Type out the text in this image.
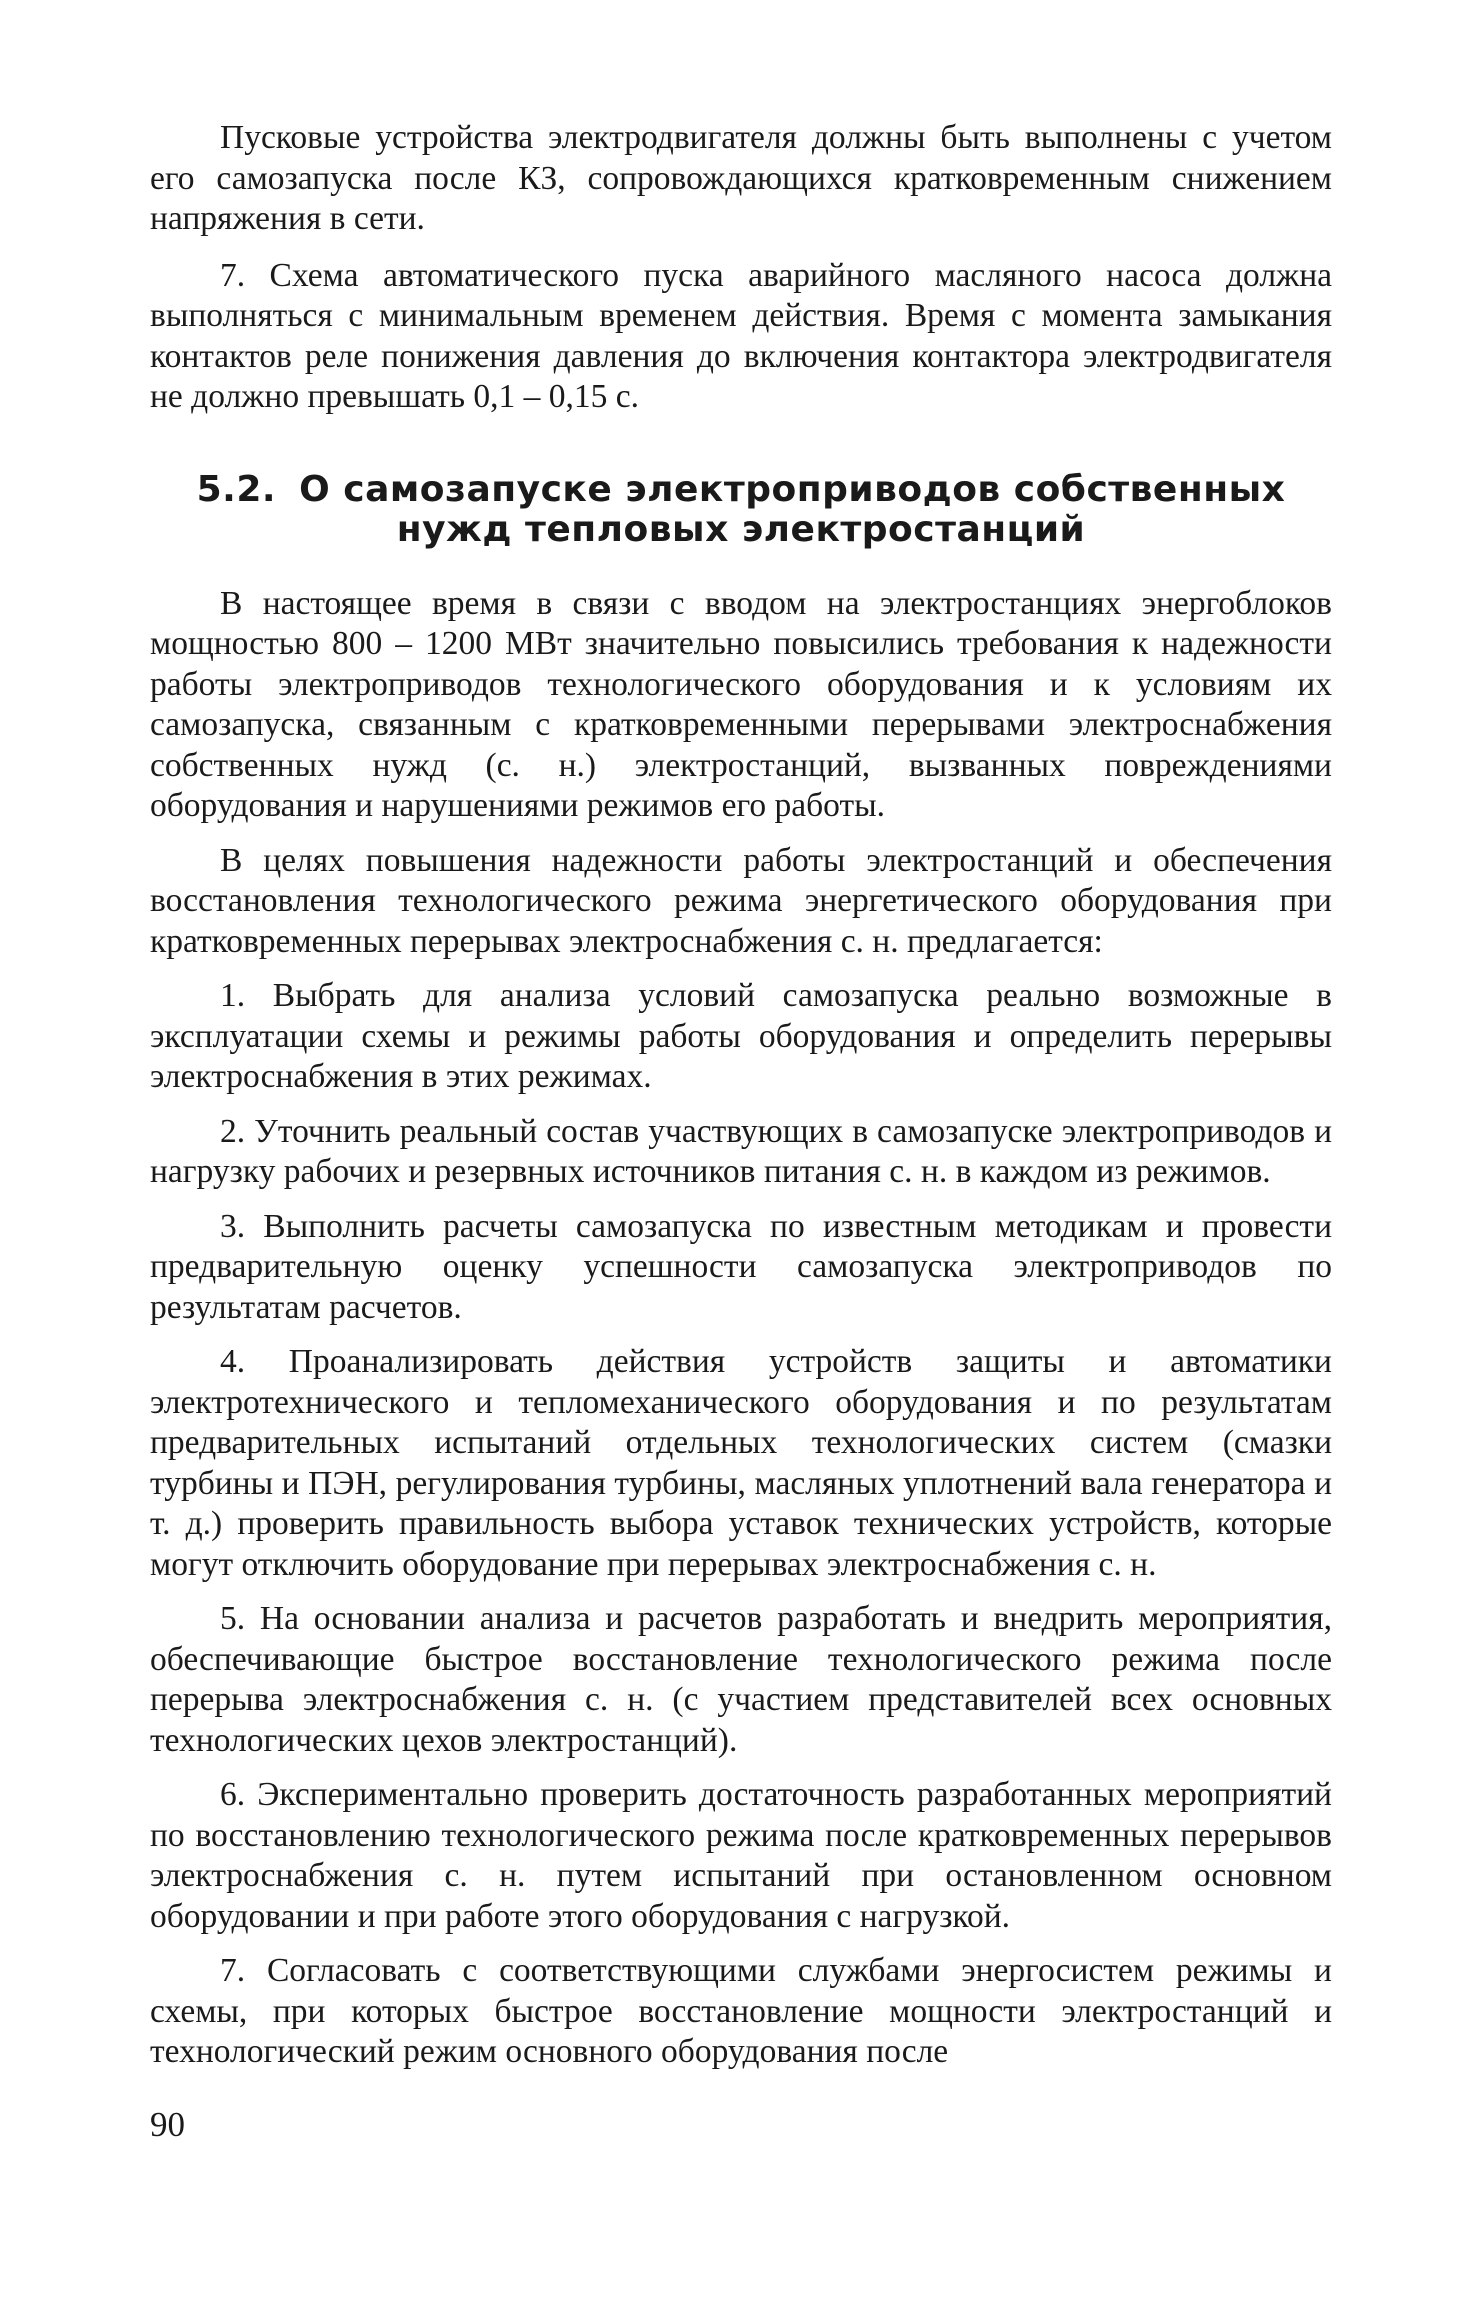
Пусковые устройства электродвигателя должны быть выполнены с учетом его самозапуска после КЗ, сопровождающихся кратковременным снижением напряжения в сети.

7. Схема автоматического пуска аварийного масляного насоса должна выполняться с минимальным временем действия. Время с момента замыкания контактов реле понижения давления до включения контактора электродвигателя не должно превышать 0,1 – 0,15 с.

5.2. О самозапуске электроприводов собственных нужд тепловых электростанций

В настоящее время в связи с вводом на электростанциях энергоблоков мощностью 800 – 1200 МВт значительно повысились требования к надежности работы электроприводов технологического оборудования и к условиям их самозапуска, связанным с кратковременными перерывами электроснабжения собственных нужд (с. н.) электростанций, вызванных повреждениями оборудования и нарушениями режимов его работы.

В целях повышения надежности работы электростанций и обеспечения восстановления технологического режима энергетического оборудования при кратковременных перерывах электроснабжения с. н. предлагается:

1. Выбрать для анализа условий самозапуска реально возможные в эксплуатации схемы и режимы работы оборудования и определить перерывы электроснабжения в этих режимах.

2. Уточнить реальный состав участвующих в самозапуске электроприводов и нагрузку рабочих и резервных источников питания с. н. в каждом из режимов.

3. Выполнить расчеты самозапуска по известным методикам и провести предварительную оценку успешности самозапуска электроприводов по результатам расчетов.

4. Проанализировать действия устройств защиты и автоматики электротехнического и тепломеханического оборудования и по результатам предварительных испытаний отдельных технологических систем (смазки турбины и ПЭН, регулирования турбины, масляных уплотнений вала генератора и т. д.) проверить правильность выбора уставок технических устройств, которые могут отключить оборудование при перерывах электроснабжения с. н.

5. На основании анализа и расчетов разработать и внедрить мероприятия, обеспечивающие быстрое восстановление технологического режима после перерыва электроснабжения с. н. (с участием представителей всех основных технологических цехов электростанций).

6. Экспериментально проверить достаточность разработанных мероприятий по восстановлению технологического режима после кратковременных перерывов электроснабжения с. н. путем испытаний при остановленном основном оборудовании и при работе этого оборудования с нагрузкой.

7. Согласовать с соответствующими службами энергосистем режимы и схемы, при которых быстрое восстановление мощности электростанций и технологический режим основного оборудования после

90
